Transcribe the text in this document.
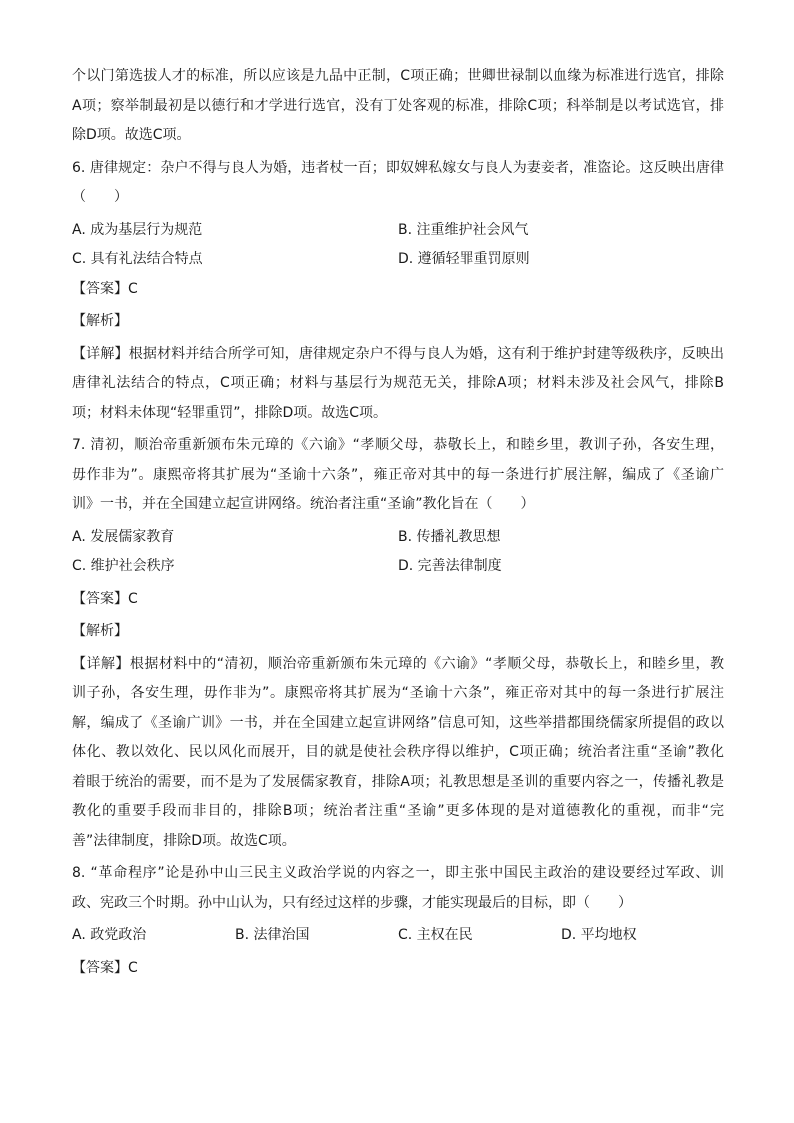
个以门第选拔人才的标准，所以应该是九品中正制，C项正确；世卿世禄制以血缘为标准进行选官，排除

A项；察举制最初是以德行和才学进行选官，没有丁处客观的标准，排除C项；科举制是以考试选官，排

除D项。故选C项。

6. 唐律规定：杂户不得与良人为婚，违者杖一百；即奴婢私嫁女与良人为妻妾者，准盗论。这反映出唐律

（　　）

A. 成为基层行为规范	B. 注重维护社会风气
C. 具有礼法结合特点	D. 遵循轻罪重罚原则

【答案】C

【解析】

【详解】根据材料并结合所学可知，唐律规定杂户不得与良人为婚，这有利于维护封建等级秩序，反映出

唐律礼法结合的特点，C项正确；材料与基层行为规范无关，排除A项；材料未涉及社会风气，排除B

项；材料未体现“轻罪重罚”，排除D项。故选C项。

7. 清初，顺治帝重新颁布朱元璋的《六谕》“孝顺父母，恭敬长上，和睦乡里，教训子孙，各安生理，

毋作非为”。康熙帝将其扩展为“圣谕十六条”，雍正帝对其中的每一条进行扩展注解，编成了《圣谕广

训》一书，并在全国建立起宣讲网络。统治者注重“圣谕”教化旨在（　　）

A. 发展儒家教育	B. 传播礼教思想
C. 维护社会秩序	D. 完善法律制度

【答案】C

【解析】

【详解】根据材料中的“清初，顺治帝重新颁布朱元璋的《六谕》“孝顺父母，恭敬长上，和睦乡里，教

训子孙，各安生理，毋作非为”。康熙帝将其扩展为“圣谕十六条”，雍正帝对其中的每一条进行扩展注

解，编成了《圣谕广训》一书，并在全国建立起宣讲网络”信息可知，这些举措都围绕儒家所提倡的政以

体化、教以效化、民以风化而展开，目的就是使社会秩序得以维护，C项正确；统治者注重“圣谕”教化

着眼于统治的需要，而不是为了发展儒家教育，排除A项；礼教思想是圣训的重要内容之一，传播礼教是

教化的重要手段而非目的，排除B项；统治者注重“圣谕”更多体现的是对道德教化的重视，而非“完

善”法律制度，排除D项。故选C项。

8. “革命程序”论是孙中山三民主义政治学说的内容之一，即主张中国民主政治的建设要经过军政、训

政、宪政三个时期。孙中山认为，只有经过这样的步骤，才能实现最后的目标，即（　　）

A. 政党政治	B. 法律治国	C. 主权在民	D. 平均地权

【答案】C
